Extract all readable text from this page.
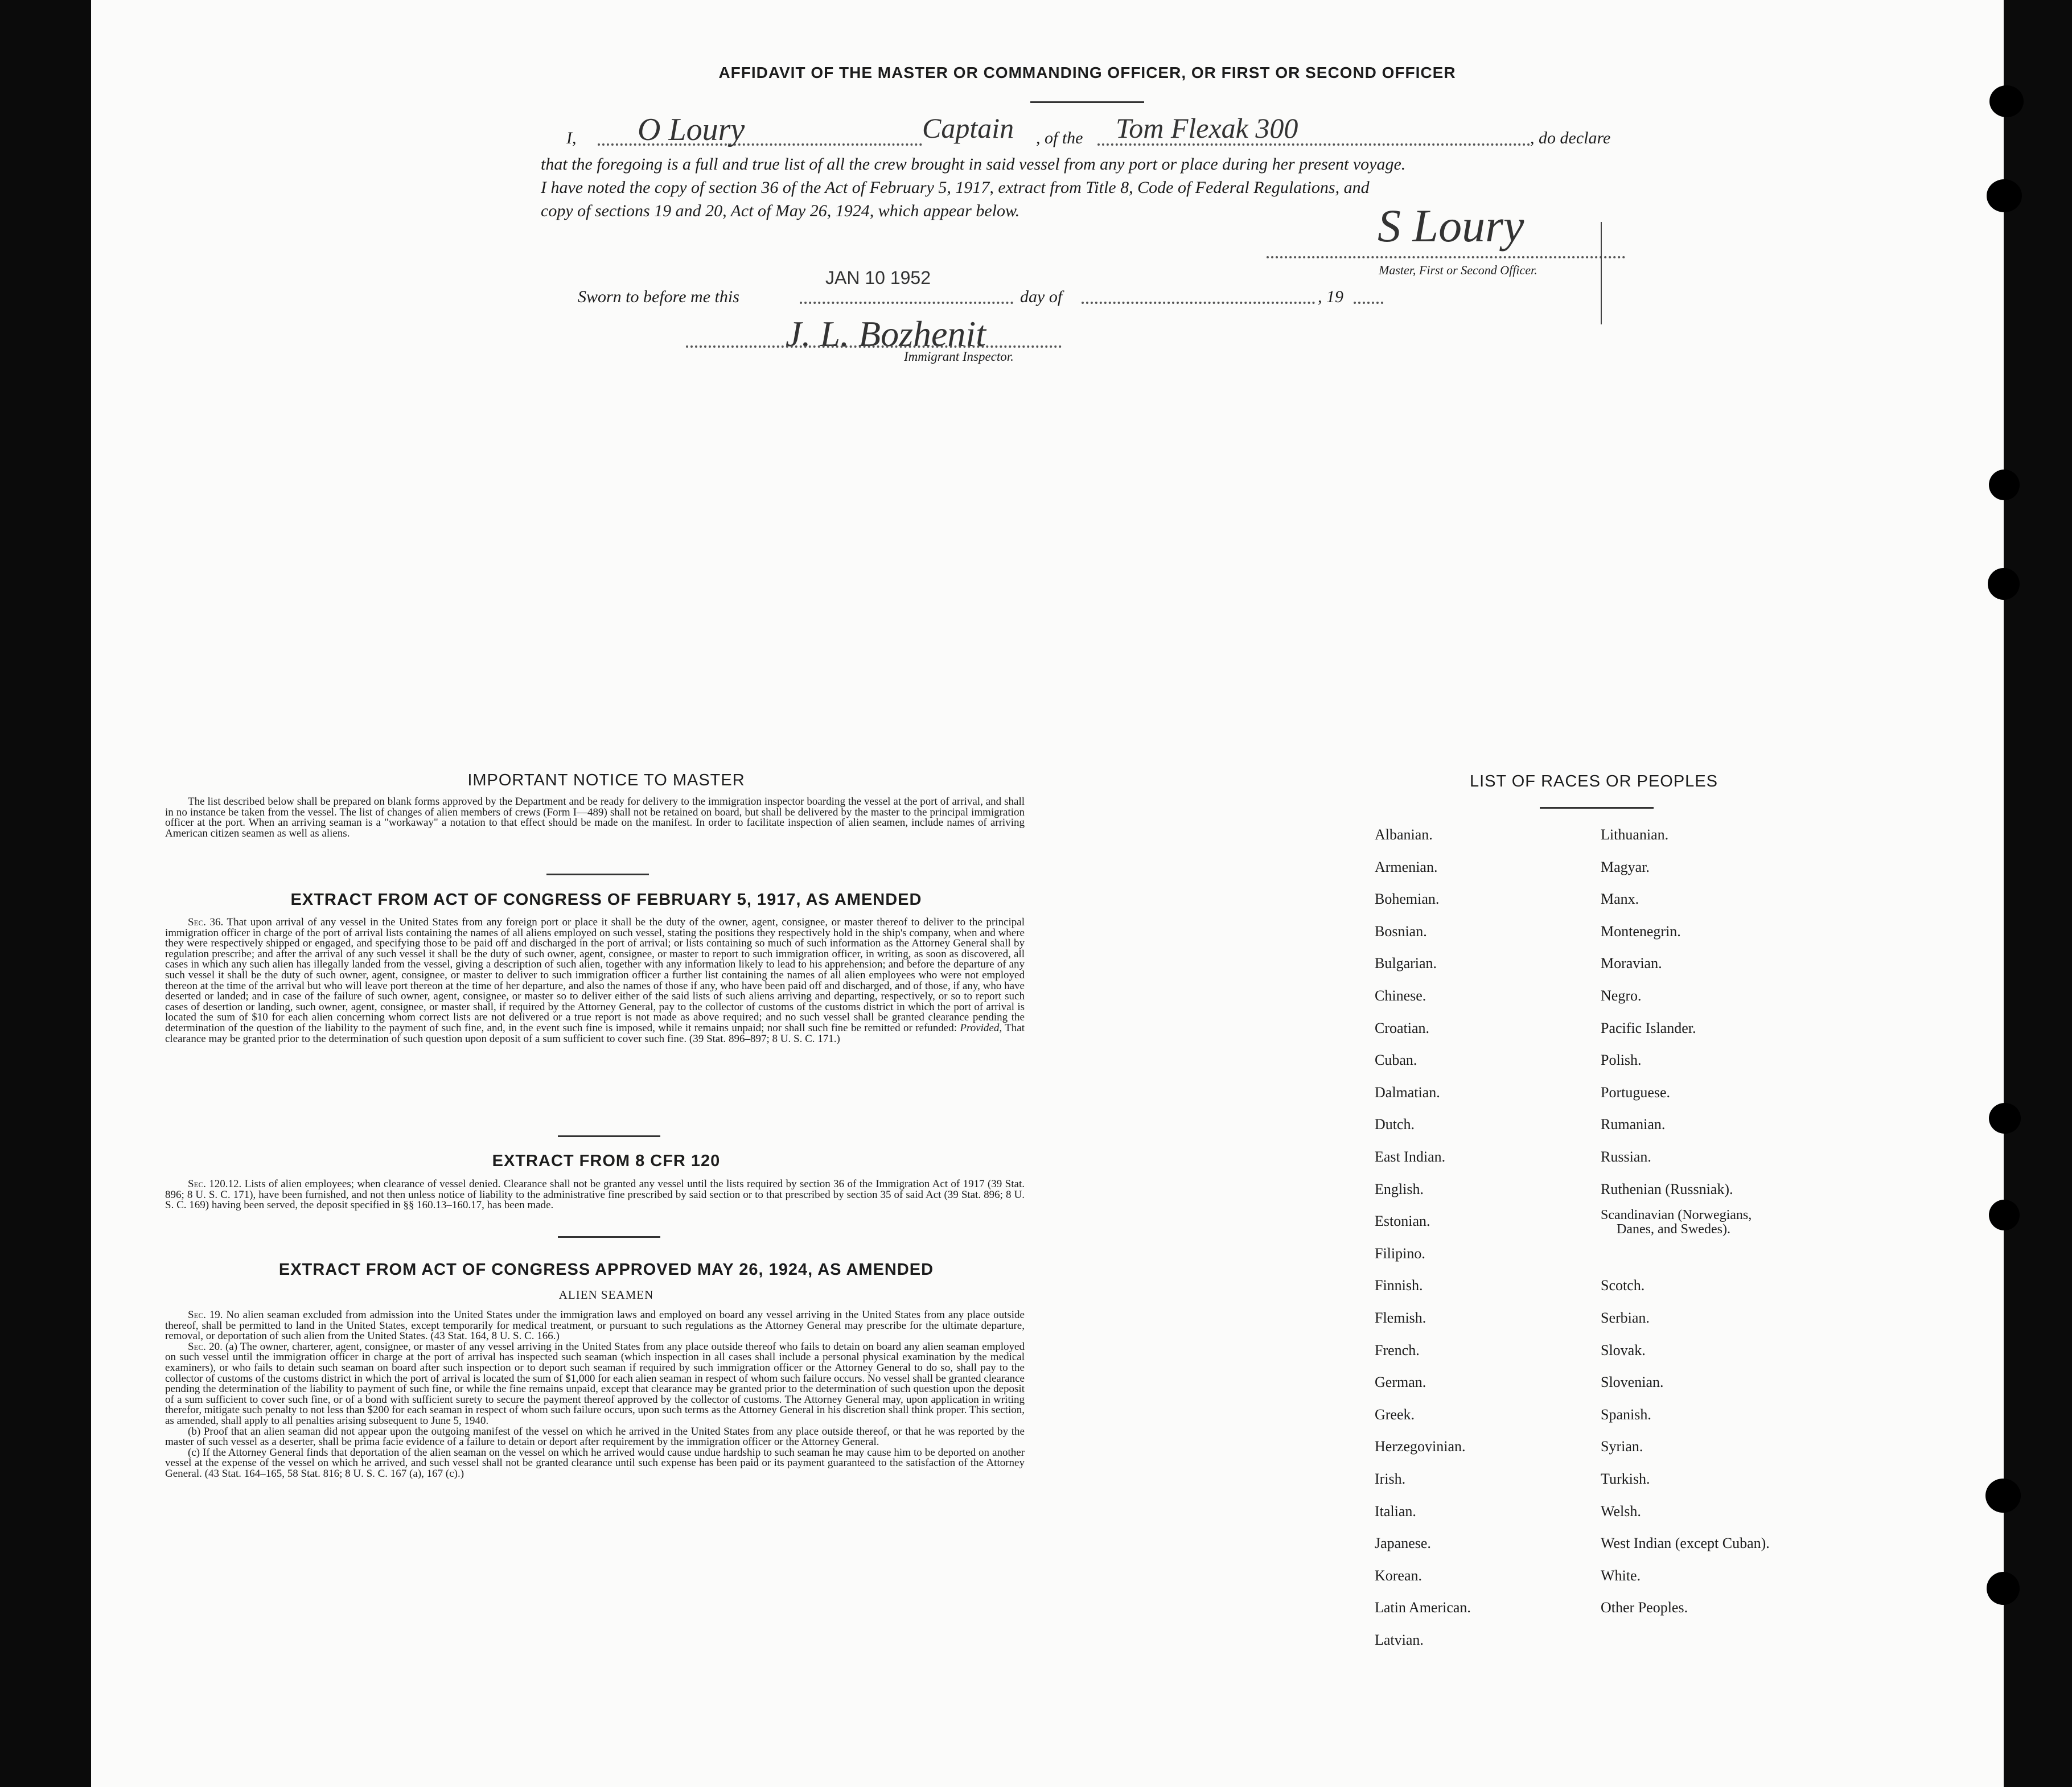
AFFIDAVIT OF THE MASTER OR COMMANDING OFFICER, OR FIRST OR SECOND OFFICER
I,	, of the	, do declare
O Loury	Captain	Tom Flexak 300
that the foregoing is a full and true list of all the crew brought in said vessel from any port or place during her present voyage.
I have noted the copy of section 36 of the Act of February 5, 1917, extract from Title 8, Code of Federal Regulations, and
copy of sections 19 and 20, Act of May 26, 1924, which appear below.	S Loury
Master, First or Second Officer.
Sworn to before me this
JAN 10 1952
day of	, 19
J. L. Bozhenit
Immigrant Inspector.
IMPORTANT NOTICE TO MASTER

The list described below shall be prepared on blank forms approved by the Department and be ready for delivery to the immigration inspector boarding the vessel at the port of arrival, and shall in no instance be taken from the vessel. The list of changes of alien members of crews (Form I—489) shall not be retained on board, but shall be delivered by the master to the principal immigration officer at the port. When an arriving seaman is a "workaway" a notation to that effect should be made on the manifest. In order to facilitate inspection of alien seamen, include names of arriving American citizen seamen as well as aliens.

EXTRACT FROM ACT OF CONGRESS OF FEBRUARY 5, 1917, AS AMENDED

Sec. 36. That upon arrival of any vessel in the United States from any foreign port or place it shall be the duty of the owner, agent, consignee, or master thereof to deliver to the principal immigration officer in charge of the port of arrival lists containing the names of all aliens employed on such vessel, stating the positions they respectively hold in the ship's company, when and where they were respectively shipped or engaged, and specifying those to be paid off and discharged in the port of arrival; or lists containing so much of such information as the Attorney General shall by regulation prescribe; and after the arrival of any such vessel it shall be the duty of such owner, agent, consignee, or master to report to such immigration officer, in writing, as soon as discovered, all cases in which any such alien has illegally landed from the vessel, giving a description of such alien, together with any information likely to lead to his apprehension; and before the departure of any such vessel it shall be the duty of such owner, agent, consignee, or master to deliver to such immigration officer a further list containing the names of all alien employees who were not employed thereon at the time of the arrival but who will leave port thereon at the time of her departure, and also the names of those if any, who have been paid off and discharged, and of those, if any, who have deserted or landed; and in case of the failure of such owner, agent, consignee, or master so to deliver either of the said lists of such aliens arriving and departing, respectively, or so to report such cases of desertion or landing, such owner, agent, consignee, or master shall, if required by the Attorney General, pay to the collector of customs of the customs district in which the port of arrival is located the sum of $10 for each alien concerning whom correct lists are not delivered or a true report is not made as above required; and no such vessel shall be granted clearance pending the determination of the question of the liability to the payment of such fine, and, in the event such fine is imposed, while it remains unpaid; nor shall such fine be remitted or refunded: Provided, That clearance may be granted prior to the determination of such question upon deposit of a sum sufficient to cover such fine. (39 Stat. 896–897; 8 U. S. C. 171.)

EXTRACT FROM 8 CFR 120

Sec. 120.12. Lists of alien employees; when clearance of vessel denied. Clearance shall not be granted any vessel until the lists required by section 36 of the Immigration Act of 1917 (39 Stat. 896; 8 U. S. C. 171), have been furnished, and not then unless notice of liability to the administrative fine prescribed by said section or to that prescribed by section 35 of said Act (39 Stat. 896; 8 U. S. C. 169) having been served, the deposit specified in §§ 160.13–160.17, has been made.

EXTRACT FROM ACT OF CONGRESS APPROVED MAY 26, 1924, AS AMENDED
ALIEN SEAMEN

Sec. 19. No alien seaman excluded from admission into the United States under the immigration laws and employed on board any vessel arriving in the United States from any place outside thereof, shall be permitted to land in the United States, except temporarily for medical treatment, or pursuant to such regulations as the Attorney General may prescribe for the ultimate departure, removal, or deportation of such alien from the United States. (43 Stat. 164, 8 U. S. C. 166.)

Sec. 20. (a) The owner, charterer, agent, consignee, or master of any vessel arriving in the United States from any place outside thereof who fails to detain on board any alien seaman employed on such vessel until the immigration officer in charge at the port of arrival has inspected such seaman (which inspection in all cases shall include a personal physical examination by the medical examiners), or who fails to detain such seaman on board after such inspection or to deport such seaman if required by such immigration officer or the Attorney General to do so, shall pay to the collector of customs of the customs district in which the port of arrival is located the sum of $1,000 for each alien seaman in respect of whom such failure occurs. No vessel shall be granted clearance pending the determination of the liability to payment of such fine, or while the fine remains unpaid, except that clearance may be granted prior to the determination of such question upon the deposit of a sum sufficient to cover such fine, or of a bond with sufficient surety to secure the payment thereof approved by the collector of customs. The Attorney General may, upon application in writing therefor, mitigate such penalty to not less than $200 for each seaman in respect of whom such failure occurs, upon such terms as the Attorney General in his discretion shall think proper. This section, as amended, shall apply to all penalties arising subsequent to June 5, 1940.

(b) Proof that an alien seaman did not appear upon the outgoing manifest of the vessel on which he arrived in the United States from any place outside thereof, or that he was reported by the master of such vessel as a deserter, shall be prima facie evidence of a failure to detain or deport after requirement by the immigration officer or the Attorney General.

(c) If the Attorney General finds that deportation of the alien seaman on the vessel on which he arrived would cause undue hardship to such seaman he may cause him to be deported on another vessel at the expense of the vessel on which he arrived, and such vessel shall not be granted clearance until such expense has been paid or its payment guaranteed to the satisfaction of the Attorney General. (43 Stat. 164–165, 58 Stat. 816; 8 U. S. C. 167 (a), 167 (c).)

LIST OF RACES OR PEOPLES
Albanian.
Armenian.
Bohemian.
Bosnian.
Bulgarian.
Chinese.
Croatian.
Cuban.
Dalmatian.
Dutch.
East Indian.
English.
Estonian.
Filipino.
Finnish.
Flemish.
French.
German.
Greek.
Herzegovinian.
Irish.
Italian.
Japanese.
Korean.
Latin American.
Latvian.
Lithuanian.
Magyar.
Manx.
Montenegrin.
Moravian.
Negro.
Pacific Islander.
Polish.
Portuguese.
Rumanian.
Russian.
Ruthenian (Russniak).
Scandinavian (Norwegians,
Danes, and Swedes).
Scotch.
Serbian.
Slovak.
Slovenian.
Spanish.
Syrian.
Turkish.
Welsh.
West Indian (except Cuban).
White.
Other Peoples.
